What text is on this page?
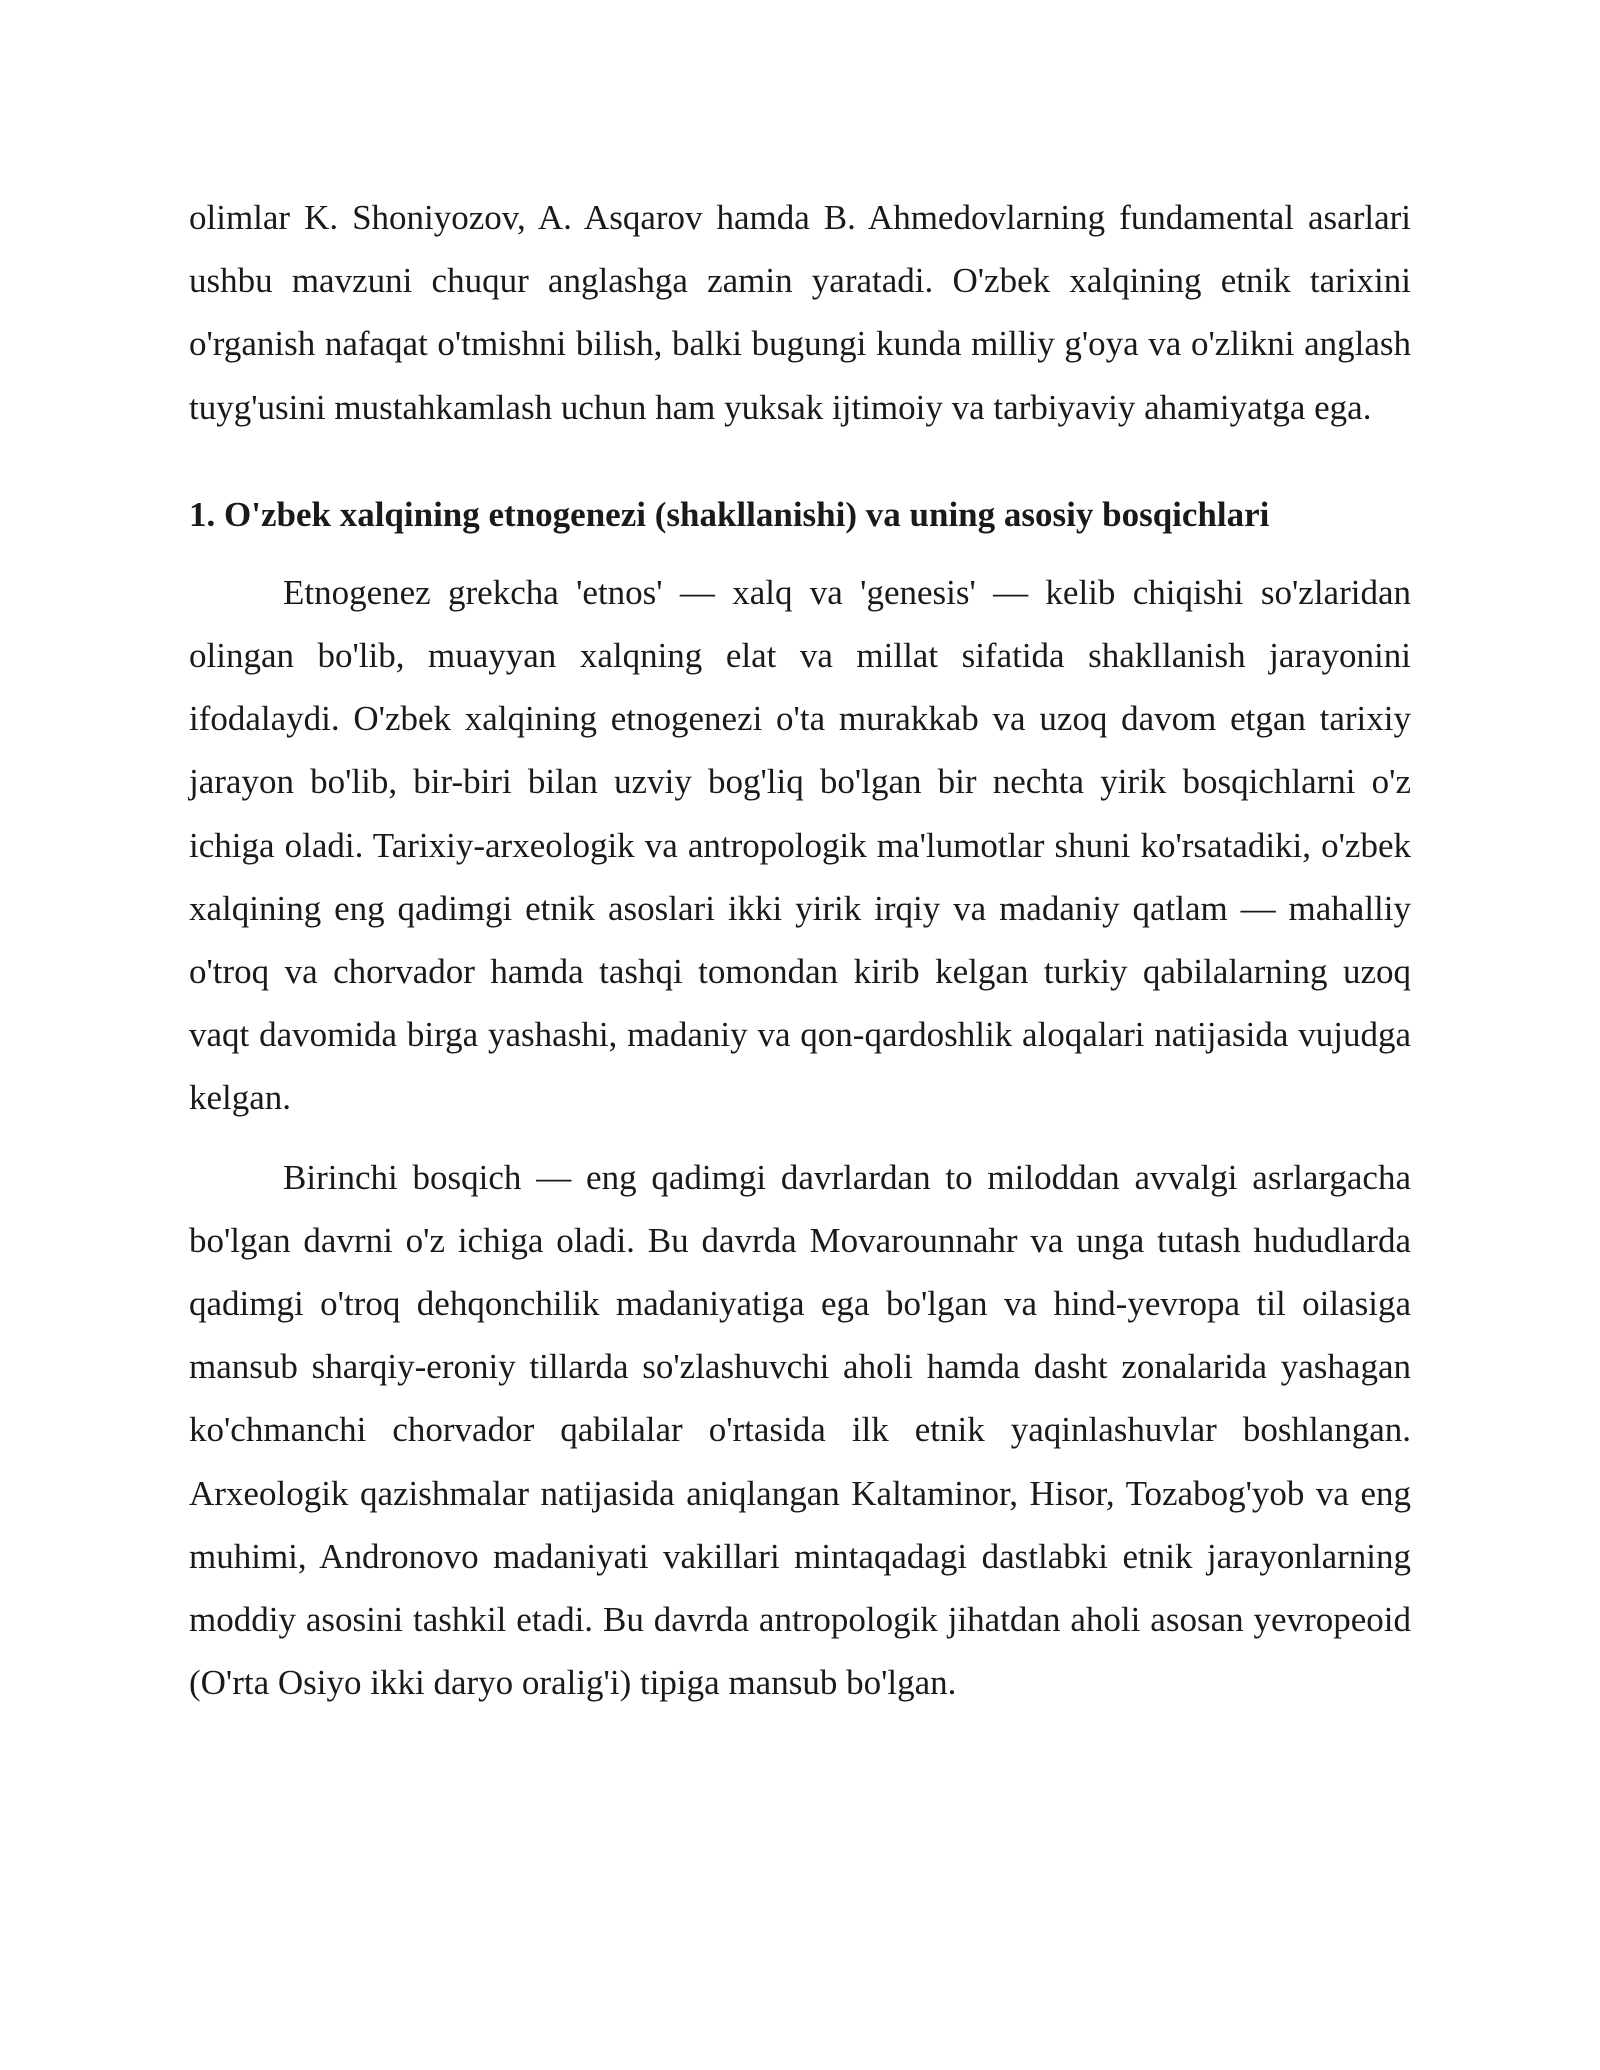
olimlar K. Shoniyozov, A. Asqarov hamda B. Ahmedovlarning fundamental asarlari ushbu mavzuni chuqur anglashga zamin yaratadi. O'zbek xalqining etnik tarixini o'rganish nafaqat o'tmishni bilish, balki bugungi kunda milliy g'oya va o'zlikni anglash tuyg'usini mustahkamlash uchun ham yuksak ijtimoiy va tarbiyaviy ahamiyatga ega.

1. O'zbek xalqining etnogenezi (shakllanishi) va uning asosiy bosqichlari

Etnogenez grekcha 'etnos' — xalq va 'genesis' — kelib chiqishi so'zlaridan olingan bo'lib, muayyan xalqning elat va millat sifatida shakllanish jarayonini ifodalaydi. O'zbek xalqining etnogenezi o'ta murakkab va uzoq davom etgan tarixiy jarayon bo'lib, bir-biri bilan uzviy bog'liq bo'lgan bir nechta yirik bosqichlarni o'z ichiga oladi. Tarixiy-arxeologik va antropologik ma'lumotlar shuni ko'rsatadiki, o'zbek xalqining eng qadimgi etnik asoslari ikki yirik irqiy va madaniy qatlam — mahalliy o'troq va chorvador hamda tashqi tomondan kirib kelgan turkiy qabilalarning uzoq vaqt davomida birga yashashi, madaniy va qon-qardoshlik aloqalari natijasida vujudga kelgan.

Birinchi bosqich — eng qadimgi davrlardan to miloddan avvalgi asrlargacha bo'lgan davrni o'z ichiga oladi. Bu davrda Movarounnahr va unga tutash hududlarda qadimgi o'troq dehqonchilik madaniyatiga ega bo'lgan va hind-yevropa til oilasiga mansub sharqiy-eroniy tillarda so'zlashuvchi aholi hamda dasht zonalarida yashagan ko'chmanchi chorvador qabilalar o'rtasida ilk etnik yaqinlashuvlar boshlangan. Arxeologik qazishmalar natijasida aniqlangan Kaltaminor, Hisor, Tozabog'yob va eng muhimi, Andronovo madaniyati vakillari mintaqadagi dastlabki etnik jarayonlarning moddiy asosini tashkil etadi. Bu davrda antropologik jihatdan aholi asosan yevropeoid (O'rta Osiyo ikki daryo oralig'i) tipiga mansub bo'lgan.
